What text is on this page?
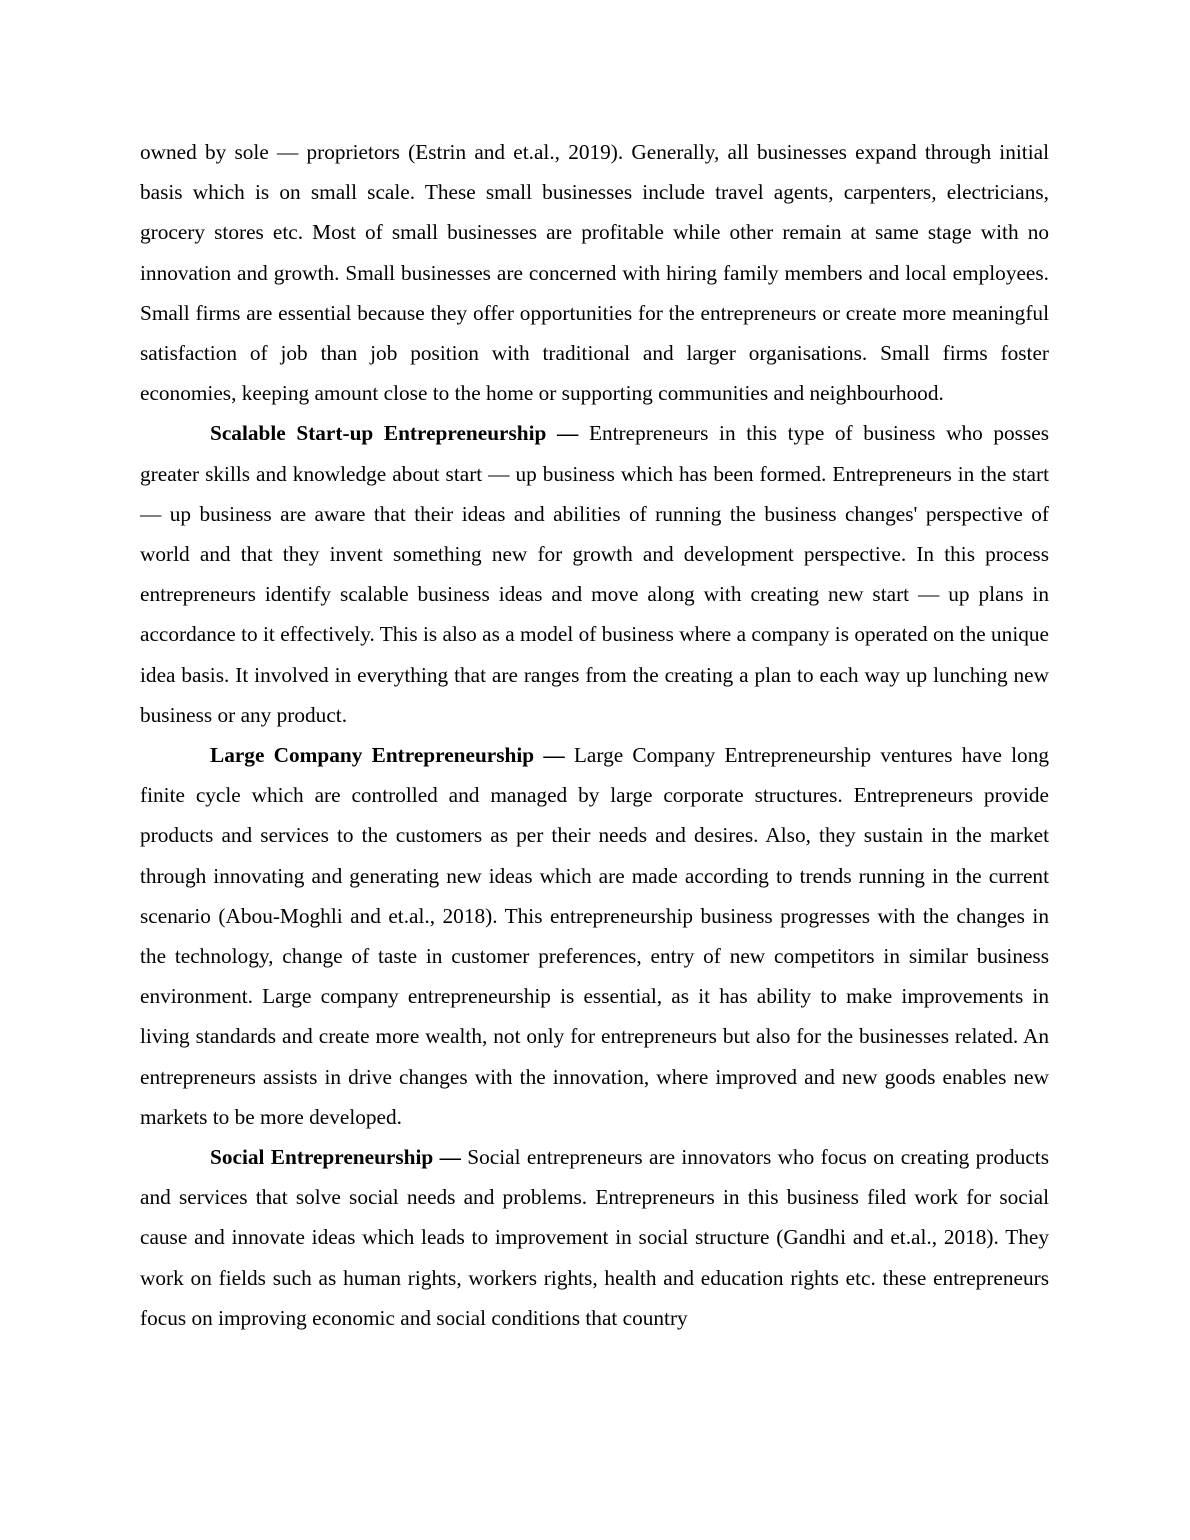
owned by sole — proprietors (Estrin and et.al., 2019). Generally, all businesses expand through initial basis which is on small scale. These small businesses include travel agents, carpenters, electricians, grocery stores etc. Most of small businesses are profitable while other remain at same stage with no innovation and growth. Small businesses are concerned with hiring family members and local employees. Small firms are essential because they offer opportunities for the entrepreneurs or create more meaningful satisfaction of job than job position with traditional and larger organisations. Small firms foster economies, keeping amount close to the home or supporting communities and neighbourhood.

Scalable Start-up Entrepreneurship — Entrepreneurs in this type of business who posses greater skills and knowledge about start — up business which has been formed. Entrepreneurs in the start — up business are aware that their ideas and abilities of running the business changes' perspective of world and that they invent something new for growth and development perspective. In this process entrepreneurs identify scalable business ideas and move along with creating new start — up plans in accordance to it effectively. This is also as a model of business where a company is operated on the unique idea basis. It involved in everything that are ranges from the creating a plan to each way up lunching new business or any product.

Large Company Entrepreneurship — Large Company Entrepreneurship ventures have long finite cycle which are controlled and managed by large corporate structures. Entrepreneurs provide products and services to the customers as per their needs and desires. Also, they sustain in the market through innovating and generating new ideas which are made according to trends running in the current scenario (Abou-Moghli and et.al., 2018). This entrepreneurship business progresses with the changes in the technology, change of taste in customer preferences, entry of new competitors in similar business environment. Large company entrepreneurship is essential, as it has ability to make improvements in living standards and create more wealth, not only for entrepreneurs but also for the businesses related. An entrepreneurs assists in drive changes with the innovation, where improved and new goods enables new markets to be more developed.

Social Entrepreneurship — Social entrepreneurs are innovators who focus on creating products and services that solve social needs and problems. Entrepreneurs in this business filed work for social cause and innovate ideas which leads to improvement in social structure (Gandhi and et.al., 2018). They work on fields such as human rights, workers rights, health and education rights etc. these entrepreneurs focus on improving economic and social conditions that country
